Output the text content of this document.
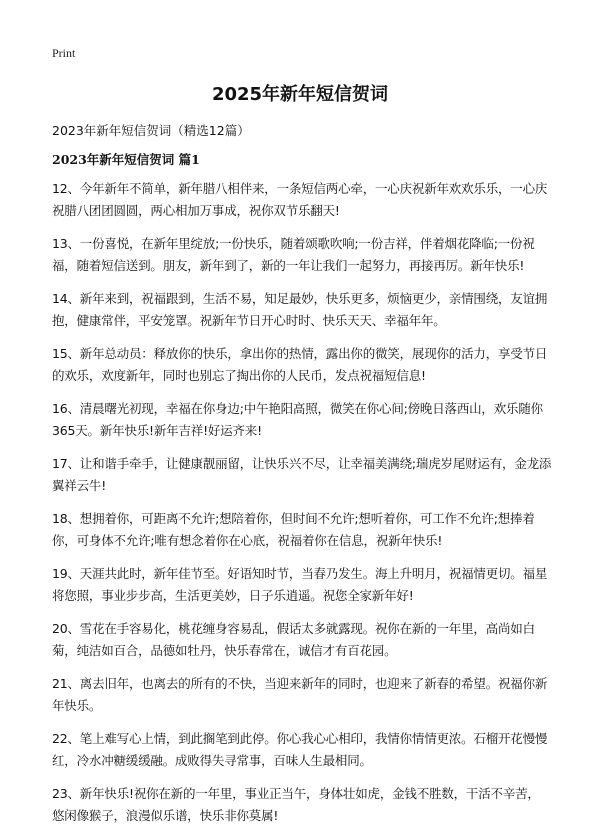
Print
2025年新年短信贺词
2023年新年短信贺词（精选12篇）
2023年新年短信贺词 篇1

12、今年新年不简单，新年腊八相伴来，一条短信两心牵，一心庆祝新年欢欢乐乐，一心庆祝腊八团团圆圆，两心相加万事成，祝你双节乐翻天!

13、一份喜悦，在新年里绽放;一份快乐，随着颂歌吹响;一份吉祥，伴着烟花降临;一份祝福，随着短信送到。朋友，新年到了，新的一年让我们一起努力，再接再厉。新年快乐!

14、新年来到，祝福跟到，生活不易，知足最妙，快乐更多，烦恼更少，亲情围绕，友谊拥抱，健康常伴，平安笼罩。祝新年节日开心时时、快乐天天、幸福年年。

15、新年总动员：释放你的快乐，拿出你的热情，露出你的微笑，展现你的活力，享受节日的欢乐，欢度新年，同时也别忘了掏出你的人民币，发点祝福短信息!

16、清晨曙光初现，幸福在你身边;中午艳阳高照，微笑在你心间;傍晚日落西山，欢乐随你365天。新年快乐!新年吉祥!好运齐来!

17、让和谐手牵手，让健康靓丽留，让快乐兴不尽，让幸福美满绕;瑞虎岁尾财运有，金龙添翼祥云牛!

18、想拥着你，可距离不允许;想陪着你，但时间不允许;想听着你，可工作不允许;想捧着你，可身体不允许;唯有想念着你在心底，祝福着你在信息，祝新年快乐!

19、天涯共此时，新年佳节至。好语知时节，当春乃发生。海上升明月，祝福情更切。福星将您照，事业步步高，生活更美妙，日子乐逍遥。祝您全家新年好!

20、雪花在手容易化，桃花缠身容易乱，假话太多就露现。祝你在新的一年里，高尚如白菊，纯洁如百合，品德如牡丹，快乐春常在，诚信才有百花园。

21、离去旧年，也离去的所有的不快，当迎来新年的同时，也迎来了新春的希望。祝福你新年快乐。

22、笔上难写心上情，到此搁笔到此停。你心我心心相印，我情你情情更浓。石榴开花慢慢红，冷水冲糖缓缓融。成败得失寻常事，百味人生最相同。

23、新年快乐!祝你在新的一年里，事业正当午，身体壮如虎，金钱不胜数，干活不辛苦，悠闲像猴子，浪漫似乐谱，快乐非你莫属!
